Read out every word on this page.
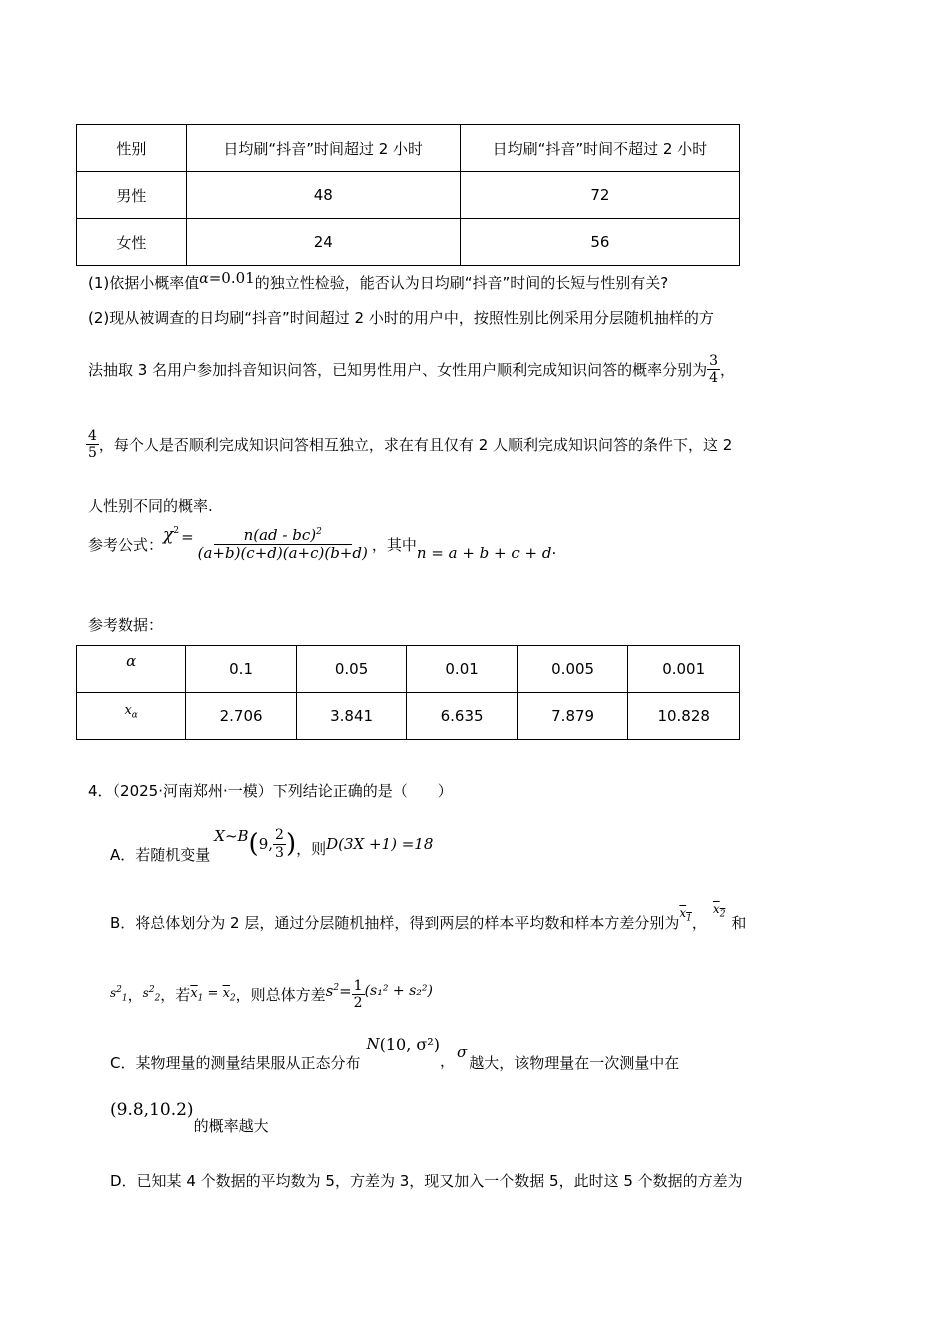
性别	日均刷“抖音”时间超过 2 小时	日均刷“抖音”时间不超过 2 小时
男性	48	72
女性	24	56
(1)依据小概率值α=0.01的独立性检验，能否认为日均刷“抖音”时间的长短与性别有关?
(2)现从被调查的日均刷“抖音”时间超过 2 小时的用户中，按照性别比例采用分层随机抽样的方
法抽取 3 名用户参加抖音知识问答，已知男性用户、女性用户顺利完成知识问答的概率分别为 $\frac{3}{4}$ ，
$\frac{4}{5}$ ，每个人是否顺利完成知识问答相互独立，求在有且仅有 2 人顺利完成知识问答的条件下，这 2
人性别不同的概率.
参考公式：
$\chi^2 = \frac{n(ad - bc)^2}{(a+b)(c+d)(a+c)(b+d)}$ ，其中 n = a + b + c + d .
参考数据：
α	0.1	0.05	0.01	0.005	0.001
$x_\alpha$	2.706	3.841	6.635	7.879	10.828
4．（2025·河南郑州·一模）下列结论正确的是（　　）
A．若随机变量
X ~B ( 9, $\frac{2}{3}$ ) ，则 D(3X +1) =18
B．将总体划分为 2 层，通过分层随机抽样，得到两层的样本平均数和样本方差分别为
$x_1$ ，
$x_2$ 和
$s^2_1$ ， $s^2_2$ ，若 $\overline{x}_1 = \overline{x}_2$ ，则总体方差 $s^2 = \frac{1}{2} (s_1^2 + s_2^2)$
C．某物理量的测量结果服从正态分布
N (10, σ²)
， σ
越大，该物理量在一次测量中在
(9.8,10.2)
的概率越大
D．已知某 4 个数据的平均数为 5，方差为 3，现又加入一个数据 5，此时这 5 个数据的方差为
